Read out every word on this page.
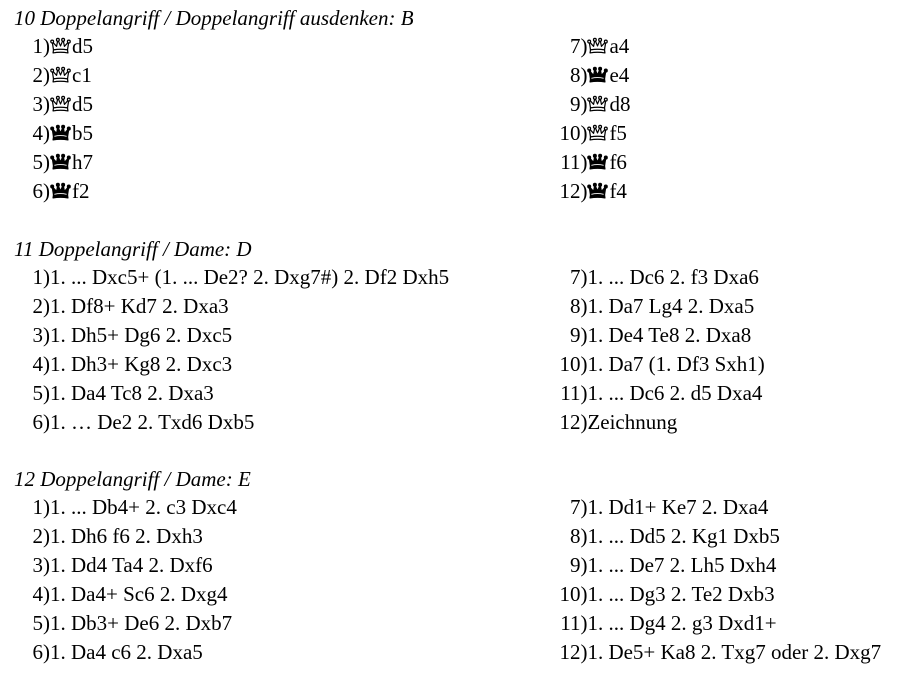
10 Doppelangriff / Doppelangriff ausdenken: B
1)	d5
2)	c1
3)	d5
4)	b5
5)	h7
6)	f2
7)	a4
8)	e4
9)	d8
10)	f5
11)	f6
12)	f4
11 Doppelangriff / Dame: D
1) 1. ... Dxc5+ (1. ... De2? 2. Dxg7#) 2. Df2 Dxh5
2) 1. Df8+ Kd7 2. Dxa3
3) 1. Dh5+ Dg6 2. Dxc5
4) 1. Dh3+ Kg8 2. Dxc3
5) 1. Da4 Tc8 2. Dxa3
6) 1. … De2 2. Txd6 Dxb5
7) 1. ... Dc6 2. f3 Dxa6
8) 1. Da7 Lg4 2. Dxa5
9) 1. De4 Te8 2. Dxa8
10) 1. Da7 (1. Df3 Sxh1)
11) 1. ... Dc6 2. d5 Dxa4
12) Zeichnung
12 Doppelangriff / Dame: E
1) 1. ... Db4+ 2. c3 Dxc4
2) 1. Dh6 f6 2. Dxh3
3) 1. Dd4 Ta4 2. Dxf6
4) 1. Da4+ Sc6 2. Dxg4
5) 1. Db3+ De6 2. Dxb7
6) 1. Da4 c6 2. Dxa5
7) 1. Dd1+ Ke7 2. Dxa4
8) 1. ... Dd5 2. Kg1 Dxb5
9) 1. ... De7 2. Lh5 Dxh4
10) 1. ... Dg3 2. Te2 Dxb3
11) 1. ... Dg4 2. g3 Dxd1+
12) 1. De5+ Ka8 2. Txg7 oder 2. Dxg7
